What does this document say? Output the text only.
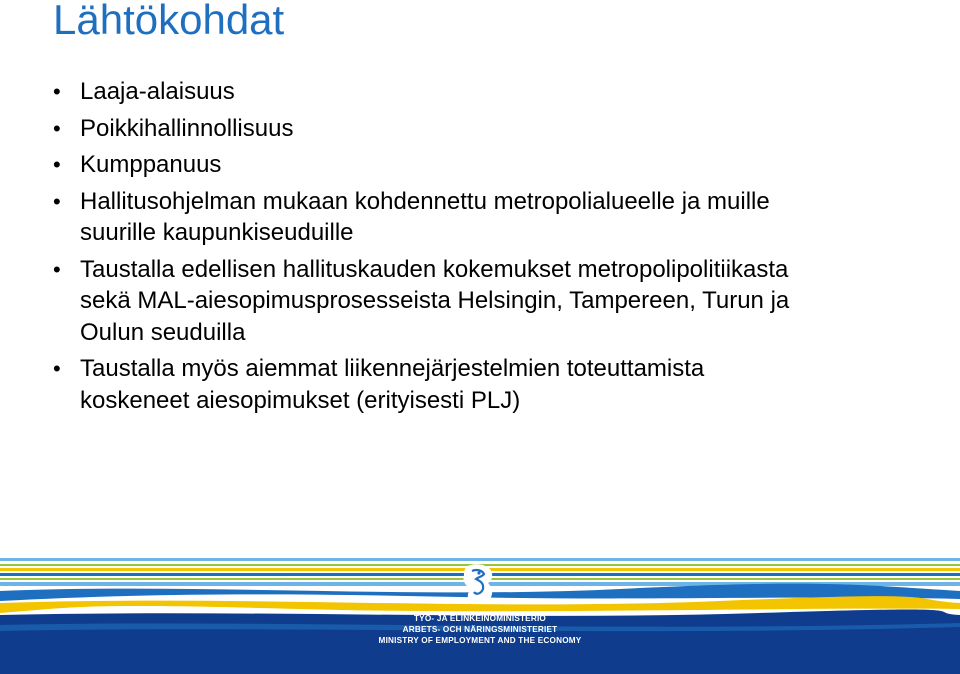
Lähtökohdat
• Laaja-alaisuus
• Poikkihallinnollisuus
• Kumppanuus
• Hallitusohjelman mukaan kohdennettu metropolialueelle ja muille
suurille kaupunkiseuduille
• Taustalla edellisen hallituskauden kokemukset metropolipolitiikasta
sekä MAL-aiesopimusprosesseista Helsingin, Tampereen, Turun ja
Oulun seuduilla
• Taustalla myös aiemmat liikennejärjestelmien toteuttamista
koskeneet aiesopimukset (erityisesti PLJ)
TYÖ- JA ELINKEINOMINISTERIÖ
ARBETS- OCH NÄRINGSMINISTERIET
MINISTRY OF EMPLOYMENT AND THE ECONOMY
